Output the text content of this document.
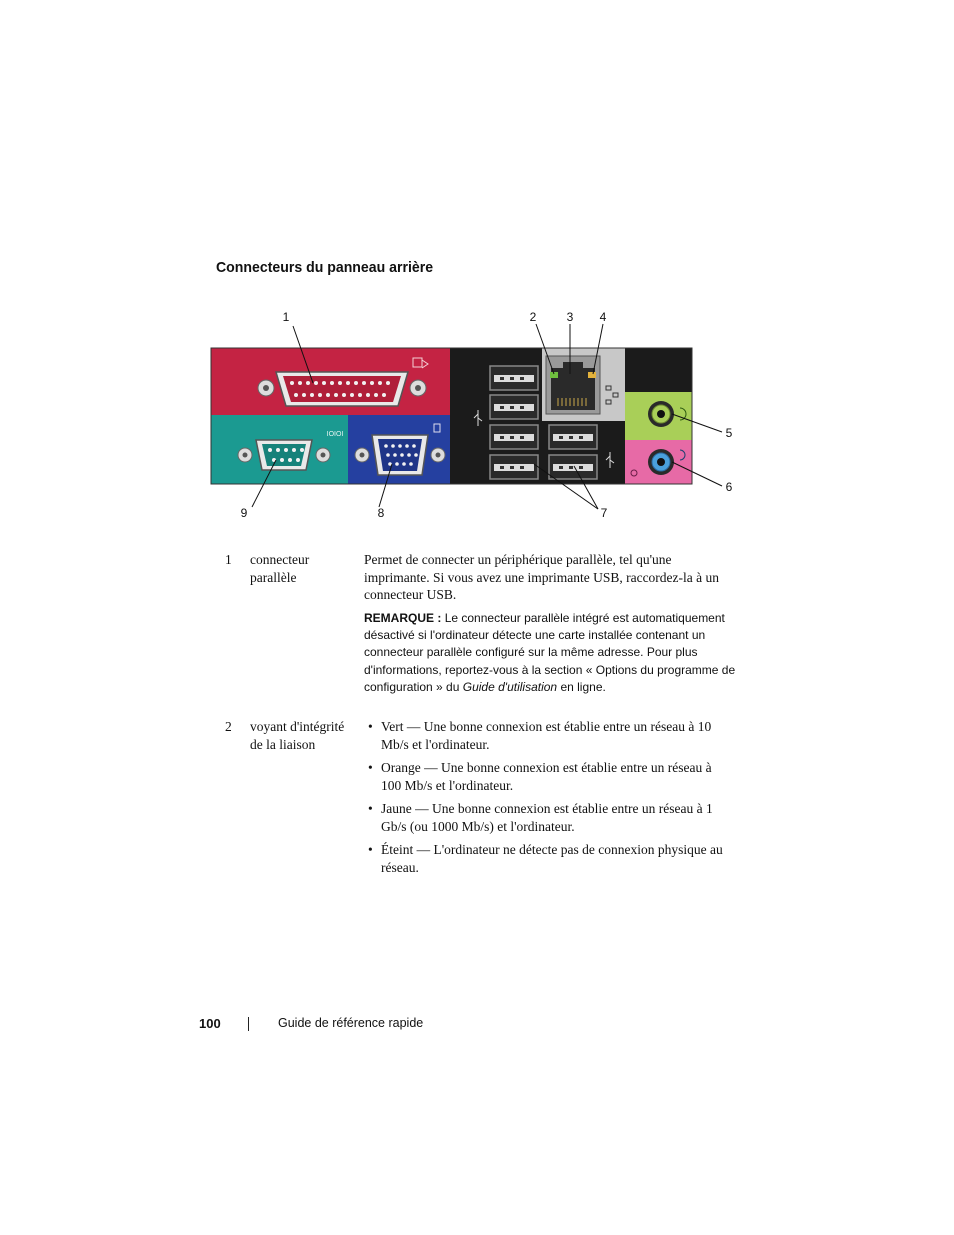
Connecteurs du panneau arrière
1	2	3	4
5
6
7
8
9
IOIOI
1	connecteur parallèle
Permet de connecter un périphérique parallèle, tel qu'une imprimante. Si vous avez une imprimante USB, raccordez-la à un connecteur USB.
REMARQUE : Le connecteur parallèle intégré est automatiquement désactivé si l'ordinateur détecte une carte installée contenant un connecteur parallèle configuré sur la même adresse. Pour plus d'informations, reportez-vous à la section « Options du programme de configuration » du Guide d'utilisation en ligne.
2	voyant d'intégrité de la liaison
• Vert — Une bonne connexion est établie entre un réseau à 10 Mb/s et l'ordinateur.
• Orange — Une bonne connexion est établie entre un réseau à 100 Mb/s et l'ordinateur.
• Jaune — Une bonne connexion est établie entre un réseau à 1 Gb/s (ou 1000 Mb/s) et l'ordinateur.
• Éteint — L'ordinateur ne détecte pas de connexion physique au réseau.
100	Guide de référence rapide
